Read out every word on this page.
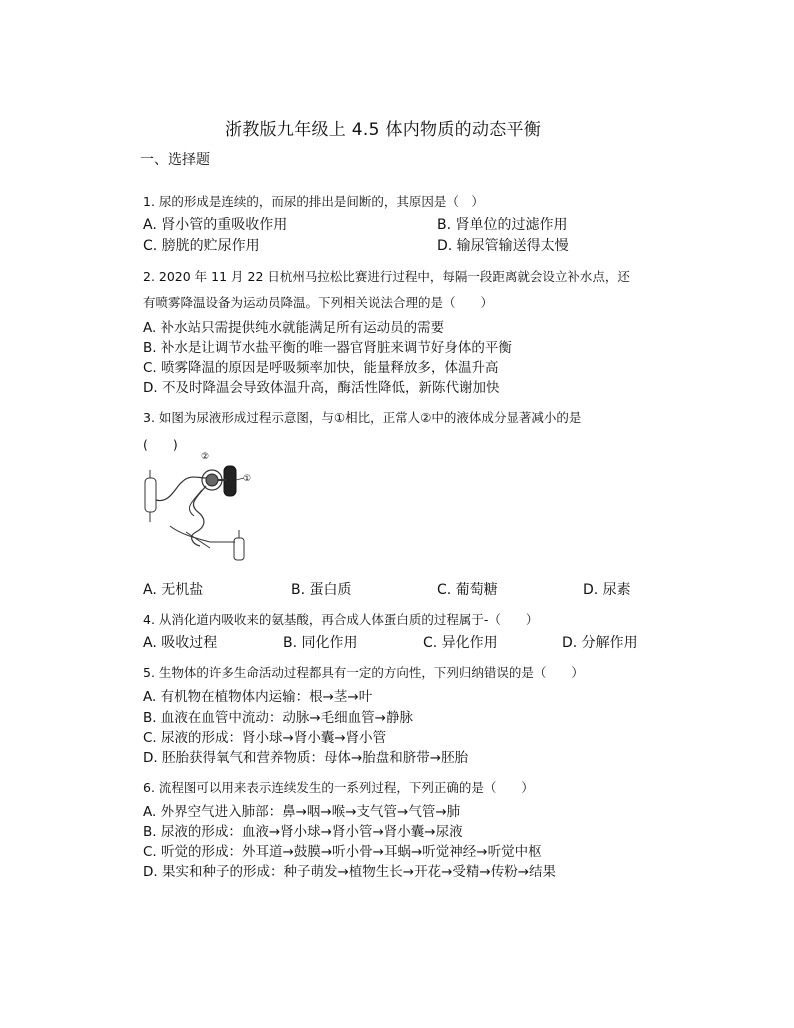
浙教版九年级上 4.5 体内物质的动态平衡
一、选择题
1. 尿的形成是连续的，而尿的排出是间断的，其原因是（　）
A. 肾小管的重吸收作用	B. 肾单位的过滤作用
C. 膀胱的贮尿作用	D. 输尿管输送得太慢
2. 2020 年 11 月 22 日杭州马拉松比赛进行过程中，每隔一段距离就会设立补水点，还
有喷雾降温设备为运动员降温。下列相关说法合理的是（　　）
A. 补水站只需提供纯水就能满足所有运动员的需要
B. 补水是让调节水盐平衡的唯一器官肾脏来调节好身体的平衡
C. 喷雾降温的原因是呼吸频率加快，能量释放多，体温升高
D. 不及时降温会导致体温升高，酶活性降低，新陈代谢加快
3. 如图为尿液形成过程示意图，与①相比，正常人②中的液体成分显著减小的是
(　　)
②
①
A. 无机盐	B. 蛋白质	C. 葡萄糖	D. 尿素
4. 从消化道内吸收来的氨基酸，再合成人体蛋白质的过程属于-（　　）
A. 吸收过程	B. 同化作用	C. 异化作用	D. 分解作用
5. 生物体的许多生命活动过程都具有一定的方向性，下列归纳错误的是（　　）
A. 有机物在植物体内运输：根→茎→叶
B. 血液在血管中流动：动脉→毛细血管→静脉
C. 尿液的形成：肾小球→肾小囊→肾小管
D. 胚胎获得氧气和营养物质：母体→胎盘和脐带→胚胎
6. 流程图可以用来表示连续发生的一系列过程，下列正确的是（　　）
A. 外界空气进入肺部：鼻→咽→喉→支气管→气管→肺
B. 尿液的形成：血液→肾小球→肾小管→肾小囊→尿液
C. 听觉的形成：外耳道→鼓膜→听小骨→耳蜗→听觉神经→听觉中枢
D. 果实和种子的形成：种子萌发→植物生长→开花→受精→传粉→结果
